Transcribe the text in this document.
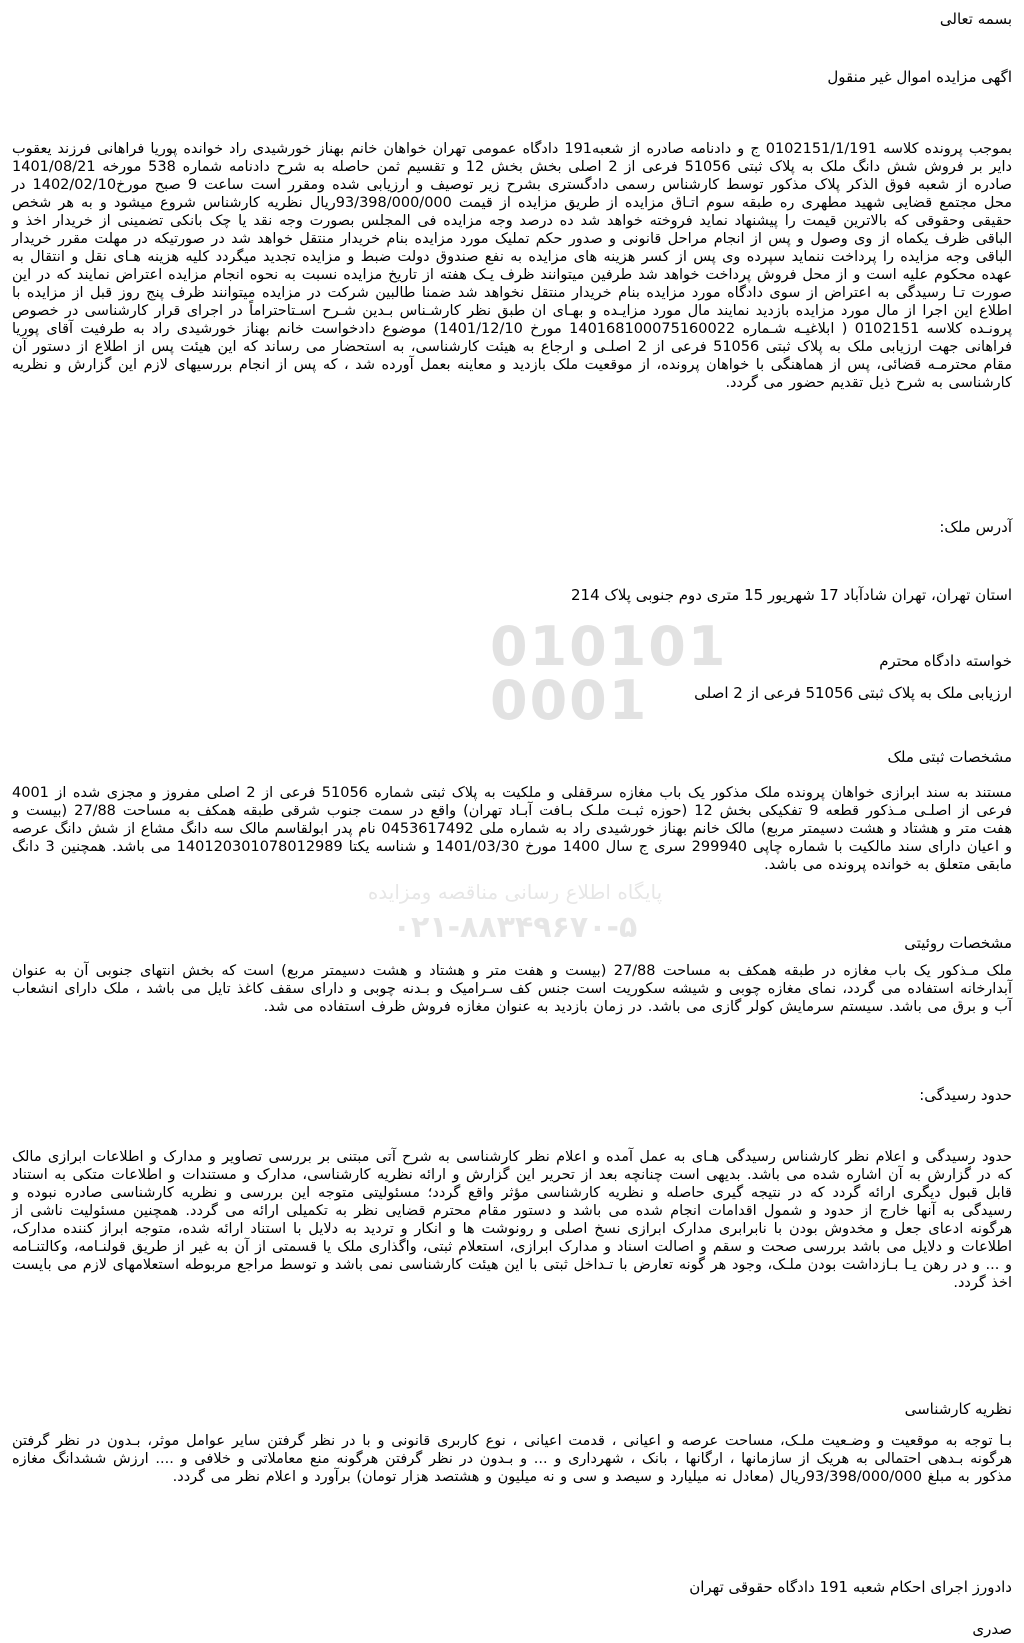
010101
0001
پایگاه اطلاع رسانی مناقصه ومزایده
۰۲۱-۸۸۳۴۹۶۷۰-۵
بسمه تعالی
اگهی مزایده اموال غیر منقول
بموجب پرونده کلاسه 0102151/1/191 ج و دادنامه صادره از شعبه191 دادگاه عمومی تهران خواهان خانم بهناز خورشیدی راد خوانده پوریا فراهانی فرزند یعقوب دایر بر فروش شش دانگ ملک به پلاک ثبتی 51056 فرعی از 2 اصلی بخش بخش 12 و تقسیم ثمن حاصله به شرح دادنامه شماره 538 مورخه 1401/08/21 صادره از شعبه فوق الذکر پلاک مذکور توسط کارشناس رسمی دادگستری بشرح زیر توصیف و ارزیابی شده ومقرر است ساعت 9 صبح مورخ1402/02/10 در محل مجتمع قضایی شهید مطهری ره طبقه سوم اتـاق مزایده از طریق مزایده از قیمت 93/398/000/000ریال نظریه کارشناس شروع میشود و به هر شخص حقیقی وحقوقی که بالاترین قیمت را پیشنهاد نماید فروخته خواهد شد ده درصد وجه مزایده فی المجلس بصورت وجه نقد یا چک بانکی تضمینی از خریدار اخذ و الباقی ظرف یکماه از وی وصول و پس از انجام مراحل قانونی و صدور حکم تملیک مورد مزایده بنام خریدار منتقل خواهد شد در صورتیکه در مهلت مقرر خریدار الباقی وجه مزایده را پرداخت ننماید سپرده وی پس از کسر هزینه های مزایده به نفع صندوق دولت ضبط و مزایده تجدید میگردد کلیه هزینه هـای نقل و انتقال به عهده محکوم علیه است و از محل فروش پرداخت خواهد شد طرفین میتوانند ظرف یـک هفته از تاریخ مزایده نسبت به نحوه انجام مزایده اعتراض نمایند که در این صورت تـا رسیدگی به اعتراض از سوی دادگاه مورد مزایده بنام خریدار منتقل نخواهد شد ضمنا طالبین شرکت در مزایده میتوانند ظرف پنج روز قبل از مزایده با اطلاع این اجرا از مال مورد مزایده بازدید نمایند مال مورد مزایـده و بهـای ان طبق نظر کارشـناس بـدین شـرح اسـتاحتراماً در اجرای قرار کارشناسی در خصوص پرونـده کلاسه 0102151 ( ابلاغیـه شـماره 140168100075160022 مورخ 1401/12/10) موضوع دادخواست خانم بهناز خورشیدی راد به طرفیت آقای پوریا فراهانی جهت ارزیابی ملک به پلاک ثبتی 51056 فرعی از 2 اصلـی و ارجاع به هیئت کارشناسی، به استحضار می رساند که این هیئت پس از اطلاع از دستور آن مقام محترمـه قضائی، پس از هماهنگی با خواهان پرونده، از موقعیت ملک بازدید و معاینه بعمل آورده شد ، که پس از انجام بررسیهای لازم این گزارش و نظریه کارشناسی به شرح ذیل تقدیم حضور می گردد.
آدرس ملک:
استان تهران، تهران شادآباد 17 شهریور 15 متری دوم جنوبی پلاک 214
خواسته دادگاه محترم
ارزیابی ملک به پلاک ثبتی 51056 فرعی از 2 اصلی
مشخصات ثبتی ملک
مستند به سند ابرازی خواهان پرونده ملک مذکور یک باب مغازه سرقفلی و ملکیت به پلاک ثبتی شماره 51056 فرعی از 2 اصلی مفروز و مجزی شده از 4001 فرعی از اصلـی مـذکور قطعه 9 تفکیکی بخش 12 (حوزه ثبـت ملـک بـافت آبـاد تهران) واقع در سمت جنوب شرقی طبقه همکف به مساحت 27/88 (بیست و هفت متر و هشتاد و هشت دسیمتر مربع) مالک خانم بهناز خورشیدی راد به شماره ملی 0453617492 نام پدر ابولقاسم مالک سه دانگ مشاع از شش دانگ عرصه و اعیان دارای سند مالکیت با شماره چاپی 299940 سری ج سال 1400 مورخ 1401/03/30 و شناسه یکتا 140120301078012989 می باشد. همچنین 3 دانگ مابقی متعلق به خوانده پرونده می باشد.
مشخصات روئیتی
ملک مـذکور یک باب مغازه در طبقه همکف به مساحت 27/88 (بیست و هفت متر و هشتاد و هشت دسیمتر مربع) است که بخش انتهای جنوبی آن به عنوان آبدارخانه استفاده می گردد، نمای مغازه چوبی و شیشه سکوریت است جنس کف سـرامیک و بـدنه چوبی و دارای سقف کاغذ تایل می باشد ، ملک دارای انشعاب آب و برق می باشد. سیستم سرمایش کولر گازی می باشد. در زمان بازدید به عنوان مغازه فروش ظرف استفاده می شد.
حدود رسیدگی:
حدود رسیدگی و اعلام نظر کارشناس رسیدگی هـای به عمل آمده و اعلام نظر کارشناسی به شرح آتی مبتنی بر بررسی تصاویر و مدارک و اطلاعات ابرازی مالک که در گزارش به آن اشاره شده می باشد. بدیهی است چنانچه بعد از تحریر این گزارش و ارائه نظریه کارشناسی، مدارک و مستندات و اطلاعات متکی به استناد قابل قبول دیگری ارائه گردد که در نتیجه گیری حاصله و نظریه کارشناسی مؤثر واقع گردد؛ مسئولیتی متوجه این بررسی و نظریه کارشناسی صادره نبوده و رسیدگی به آنها خارج از حدود و شمول اقدامات انجام شده می باشد و دستور مقام محترم قضایی نظر به تکمیلی ارائه می گردد. همچنین مسئولیت ناشی از هرگونه ادعای جعل و مخدوش بودن با نابرابری مدارک ابرازی نسخ اصلی و رونوشت ها و انکار و تردید به دلایل با استناد ارائه شده، متوجه ابراز کننده مدارک، اطلاعات و دلایل می باشد بررسی صحت و سقم و اصالت اسناد و مدارک ابرازی، استعلام ثبتی، واگذاری ملک یا قسمتی از آن به غیر از طریق قولنـامه، وکالتنـامه و ... و در رهن یـا بـازداشت بودن ملـک، وجود هر گونه تعارض با تـداخل ثبتی با این هیئت کارشناسی نمی باشد و توسط مراجع مربوطه استعلامهای لازم می بایست اخذ گردد.
نظریه کارشناسی
بـا توجه به موقعیت و وضـعیت ملـک، مساحت عرصه و اعیانی ، قدمت اعیانی ، نوع کاربری قانونی و با در نظر گرفتن سایر عوامل موثر، بـدون در نظر گرفتن هرگونه بـدهی احتمالی به هریک از سازمانها ، ارگانها ، بانک ، شهرداری و ... و بـدون در نظر گرفتن هرگونه منع معاملاتی و خلافی و .... ارزش ششدانگ مغازه مذکور به مبلغ 93/398/000/000ریال (معادل نه میلیارد و سیصد و سی و نه میلیون و هشتصد هزار تومان) برآورد و اعلام نظر می گردد.
دادورز اجرای احکام شعبه 191 دادگاه حقوقی تهران
صدری
